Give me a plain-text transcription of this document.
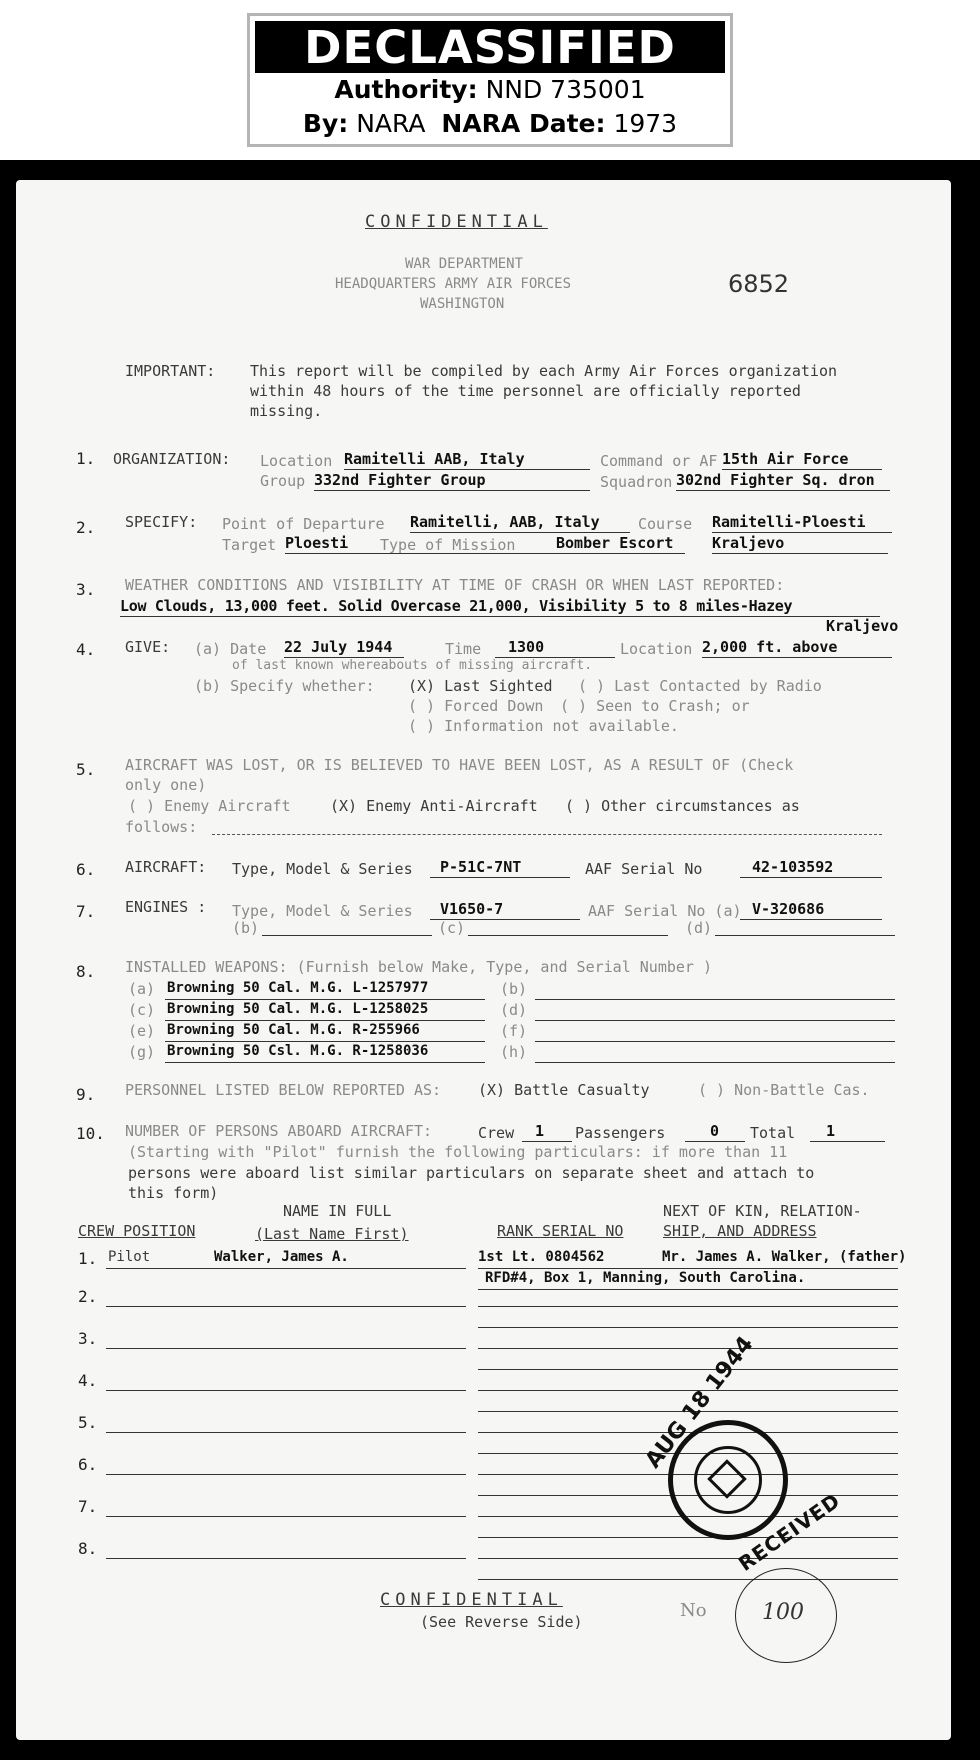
DECLASSIFIED
Authority: NND 735001
By: NARA NARA Date: 1973
CONFIDENTIAL
WAR DEPARTMENT
HEADQUARTERS ARMY AIR FORCES
WASHINGTON
6852
IMPORTANT: This report will be compiled by each Army Air Forces organization
within 48 hours of the time personnel are officially reported
missing.
1. ORGANIZATION: Location Ramitelli AAB, Italy	Command or AF 15th Air Force
Group 332nd Fighter Group	Squadron 302nd Fighter Sq. dron
2. SPECIFY: Point of Departure Ramitelli, AAB, Italy	Course Ramitelli-Ploesti
Target Ploesti Type of Mission	Bomber Escort	Kraljevo
3. WEATHER CONDITIONS AND VISIBILITY AT TIME OF CRASH OR WHEN LAST REPORTED:
Low Clouds, 13,000 feet. Solid Overcase 21,000, Visibility 5 to 8 miles-Hazey
Kraljevo
4. GIVE: (a) Date 22 July 1944	Time 1300	Location 2,000 ft. above
of last known whereabouts of missing aircraft.
(b) Specify whether: (X) Last Sighted ( ) Last Contacted by Radio
( ) Forced Down ( ) Seen to Crash; or
( ) Information not available.
5. AIRCRAFT WAS LOST, OR IS BELIEVED TO HAVE BEEN LOST, AS A RESULT OF (Check
only one)
( ) Enemy Aircraft	(X) Enemy Anti-Aircraft ( ) Other circumstances as
follows:
6. AIRCRAFT: Type, Model & Series P-51C-7NT	AAF Serial No	42-103592
7. ENGINES : Type, Model & Series V1650-7	AAF Serial No (a) V-320686
(b)	(c)	(d)
8. INSTALLED WEAPONS: (Furnish below Make, Type, and Serial Number )
(a) Browning 50 Cal. M.G. L-1257977	(b)
(c) Browning 50 Cal. M.G. L-1258025	(d)
(e) Browning 50 Cal. M.G. R-255966	(f)
(g) Browning 50 Csl. M.G. R-1258036	(h)
9. PERSONNEL LISTED BELOW REPORTED AS: (X) Battle Casualty	( ) Non-Battle Cas.
10. NUMBER OF PERSONS ABOARD AIRCRAFT:	Crew 1 Passengers	0 Total 1
(Starting with "Pilot" furnish the following particulars: if more than 11
persons were aboard list similar particulars on separate sheet and attach to
this form)
CREW POSITION
NAME IN FULL
(Last Name First)	RANK SERIAL NO
NEXT OF KIN, RELATION-
SHIP, AND ADDRESS
1. Pilot	Walker, James A.	1st Lt. 0804562	Mr. James A. Walker, (father)
RFD#4, Box 1, Manning, South Carolina.
2.
3.
4.
5.
6.
7.
8.
AUG 18 1944
RECEIVED
CONFIDENTIAL
(See Reverse Side)
No	100
